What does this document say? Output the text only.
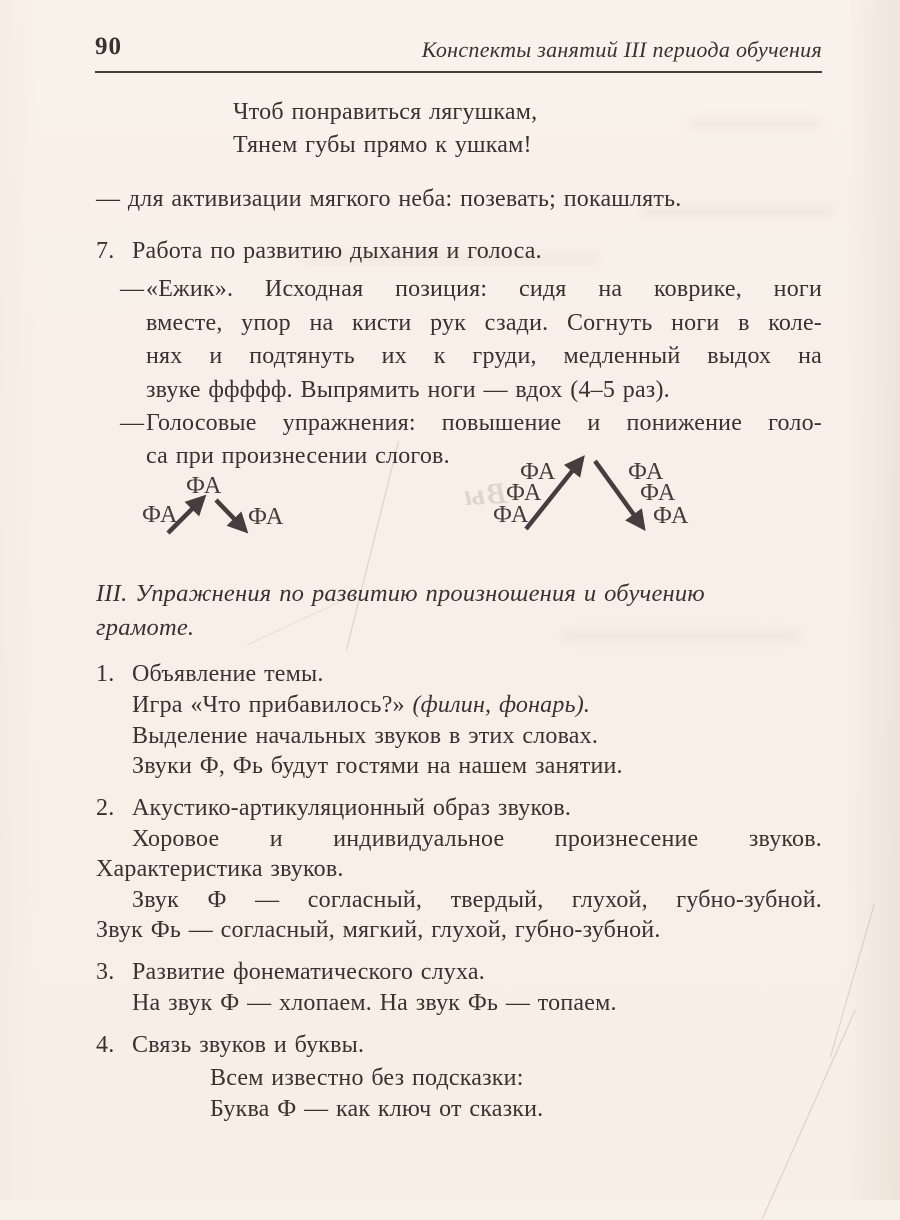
Вы
90	Конспекты занятий III периода обучения
Чтоб понравиться лягушкам,
Тянем губы прямо к ушкам!
— для активизации мягкого неба: позевать; покашлять.
7. Работа по развитию дыхания и голоса.
— «Ежик». Исходная позиция: сидя на коврике, ноги
вместе, упор на кисти рук сзади. Согнуть ноги в коле-
нях и подтянуть их к груди, медленный выдох на
звуке ффффф. Выпрямить ноги — вдох (4–5 раз).
— Голосовые упражнения: повышение и понижение голо-
са при произнесении слогов.
ФА
ФА
ФА
ФА
ФА
ФА
ФА
ФА
ФА
III. Упражнения по развитию произношения и обучению
грамоте.
1. Объявление темы.
Игра «Что прибавилось?» (филин, фонарь).
Выделение начальных звуков в этих словах.
Звуки Ф, Фь будут гостями на нашем занятии.
2. Акустико-артикуляционный образ звуков.
Хоровое и индивидуальное произнесение звуков.
Характеристика звуков.
Звук Ф — согласный, твердый, глухой, губно-зубной.
Звук Фь — согласный, мягкий, глухой, губно-зубной.
3. Развитие фонематического слуха.
На звук Ф — хлопаем. На звук Фь — топаем.
4. Связь звуков и буквы.
Всем известно без подсказки:
Буква Ф — как ключ от сказки.
